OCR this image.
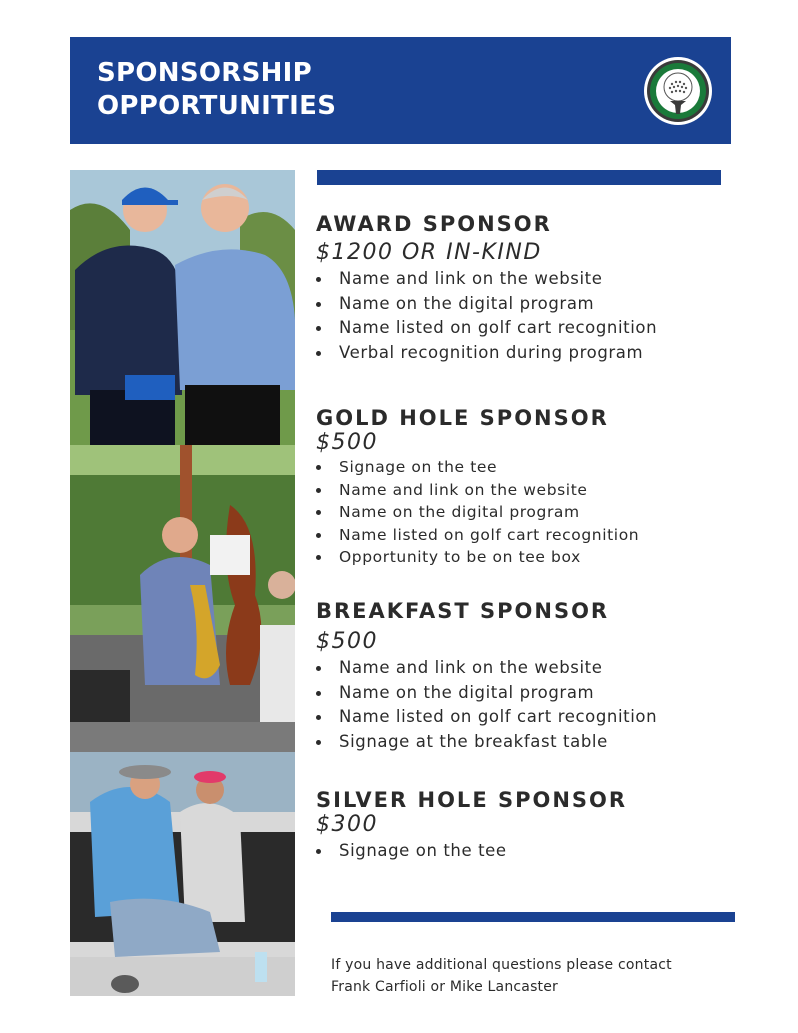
SPONSORSHIP
OPPORTUNITIES

AWARD SPONSOR

$1200 OR IN-KIND

Name and link on the website
Name on the digital program
Name listed on golf cart recognition
Verbal recognition during program

GOLD HOLE SPONSOR

$500

Signage on the tee
Name and link on the website
Name on the digital program
Name listed on golf cart recognition
Opportunity to be on tee box

BREAKFAST SPONSOR

$500

Name and link on the website
Name on the digital program
Name listed on golf cart recognition
Signage at the breakfast table

SILVER HOLE SPONSOR

$300

Signage on the tee
If you have additional questions please contact
Frank Carfioli or Mike Lancaster
